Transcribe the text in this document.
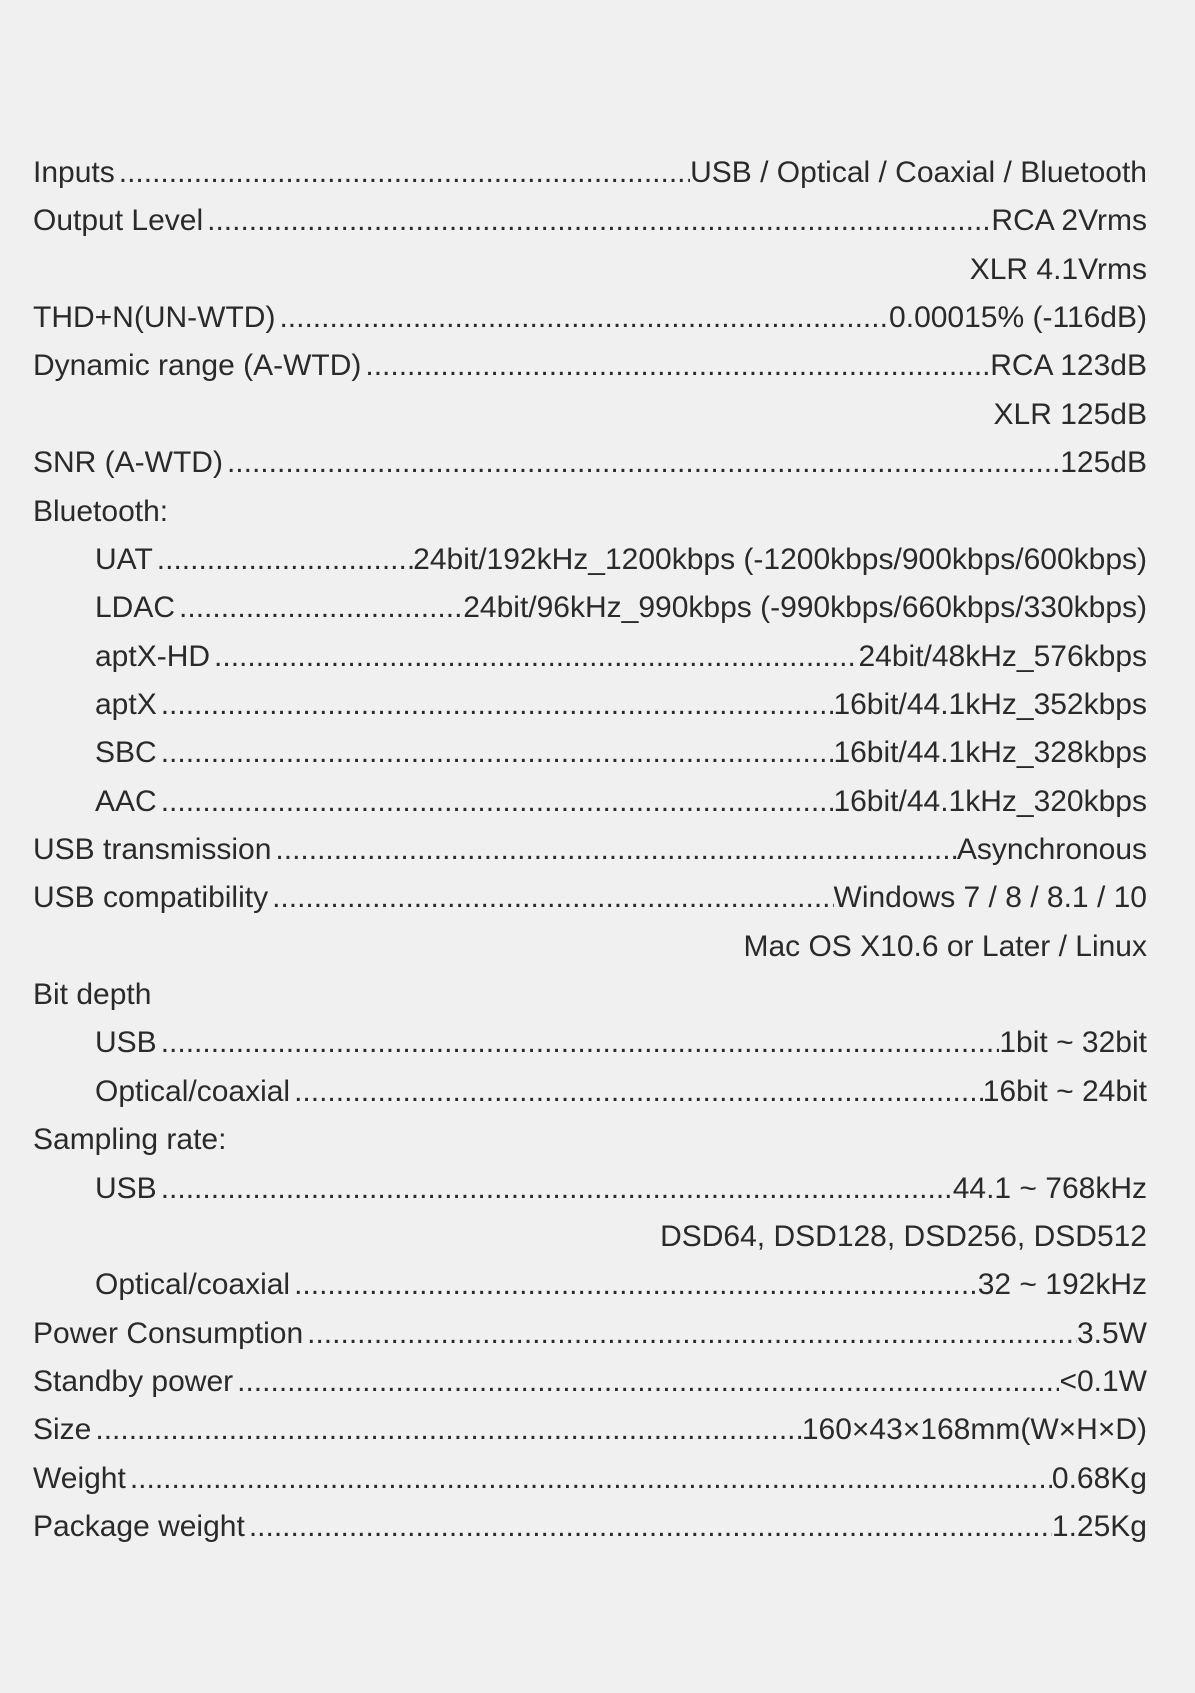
Inputs .....	USB / Optical / Coaxial / Bluetooth
Output Level .....	RCA 2Vrms
XLR 4.1Vrms
THD+N(UN-WTD) .....	0.00015% (-116dB)
Dynamic range (A-WTD) .....	RCA 123dB
XLR 125dB
SNR (A-WTD) .....	125dB
Bluetooth:
UAT .....	24bit/192kHz_1200kbps (-1200kbps/900kbps/600kbps)
LDAC .....	24bit/96kHz_990kbps (-990kbps/660kbps/330kbps)
aptX-HD .....	24bit/48kHz_576kbps
aptX .....	16bit/44.1kHz_352kbps
SBC .....	16bit/44.1kHz_328kbps
AAC .....	16bit/44.1kHz_320kbps
USB transmission .....	Asynchronous
USB compatibility .....	Windows 7 / 8 / 8.1 / 10
Mac OS X10.6 or Later / Linux
Bit depth
USB .....	1bit ~ 32bit
Optical/coaxial .....	16bit ~ 24bit
Sampling rate:
USB .....	44.1 ~ 768kHz
DSD64, DSD128, DSD256, DSD512
Optical/coaxial .....	32 ~ 192kHz
Power Consumption .....	3.5W
Standby power .....	<0.1W
Size .....	160×43×168mm(W×H×D)
Weight .....	0.68Kg
Package weight .....	1.25Kg
